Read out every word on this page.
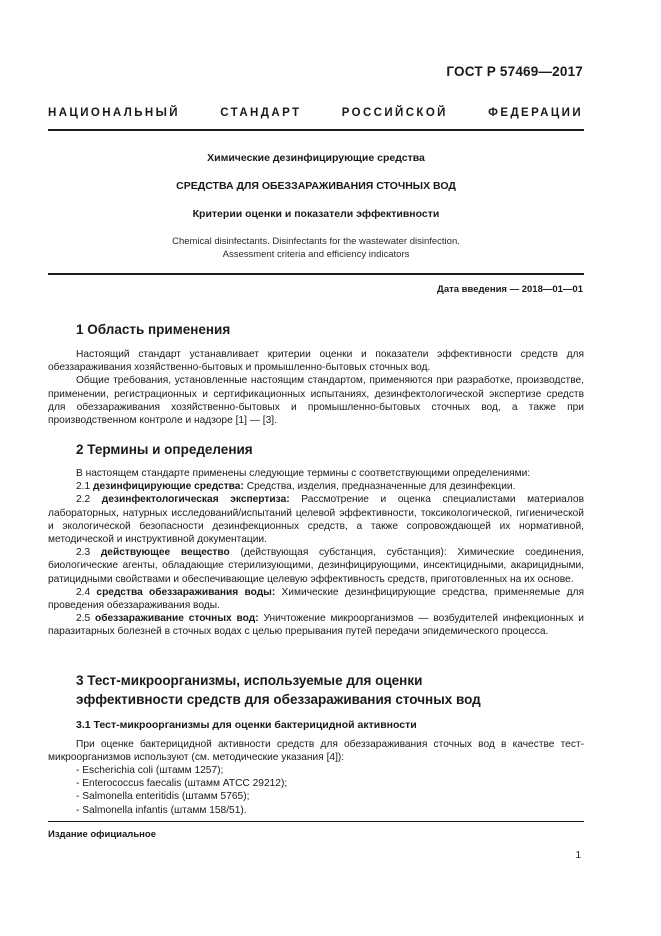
ГОСТ Р 57469—2017
НАЦИОНАЛЬНЫЙ СТАНДАРТ РОССИЙСКОЙ ФЕДЕРАЦИИ
Химические дезинфицирующие средства
СРЕДСТВА ДЛЯ ОБЕЗЗАРАЖИВАНИЯ СТОЧНЫХ ВОД
Критерии оценки и показатели эффективности
Chemical disinfectants. Disinfectants for the wastewater disinfection.
Assessment criteria and efficiency indicators
Дата введения — 2018—01—01
1 Область применения

Настоящий стандарт устанавливает критерии оценки и показатели эффективности средств для обеззараживания хозяйственно-бытовых и промышленно-бытовых сточных вод.

Общие требования, установленные настоящим стандартом, применяются при разработке, производстве, применении, регистрационных и сертификационных испытаниях, дезинфектологической экспертизе средств для обеззараживания хозяйственно-бытовых и промышленно-бытовых сточных вод, а также при производственном контроле и надзоре [1] — [3].

2 Термины и определения

В настоящем стандарте применены следующие термины с соответствующими определениями:

2.1 дезинфицирующие средства: Средства, изделия, предназначенные для дезинфекции.

2.2 дезинфектологическая экспертиза: Рассмотрение и оценка специалистами материалов лабораторных, натурных исследований/испытаний целевой эффективности, токсикологической, гигиенической и экологической безопасности дезинфекционных средств, а также сопровождающей их нормативной, методической и инструктивной документации.

2.3 действующее вещество (действующая субстанция, субстанция): Химические соединения, биологические агенты, обладающие стерилизующими, дезинфицирующими, инсектицидными, акарицидными, ратицидными свойствами и обеспечивающие целевую эффективность средств, приготовленных на их основе.

2.4 средства обеззараживания воды: Химические дезинфицирующие средства, применяемые для проведения обеззараживания воды.

2.5 обеззараживание сточных вод: Уничтожение микроорганизмов — возбудителей инфекционных и паразитарных болезней в сточных водах с целью прерывания путей передачи эпидемического процесса.

3 Тест-микроорганизмы, используемые для оценки
эффективности средств для обеззараживания сточных вод
3.1 Тест-микроорганизмы для оценки бактерицидной активности

При оценке бактерицидной активности средств для обеззараживания сточных вод в качестве тест-микроорганизмов используют (см. методические указания [4]):

- Escherichia coli (штамм 1257);
- Enterococcus faecalis (штамм ATCC 29212);
- Salmonella enteritidis (штамм 5765);
- Salmonella infantis (штамм 158/51).
Издание официальное
1
